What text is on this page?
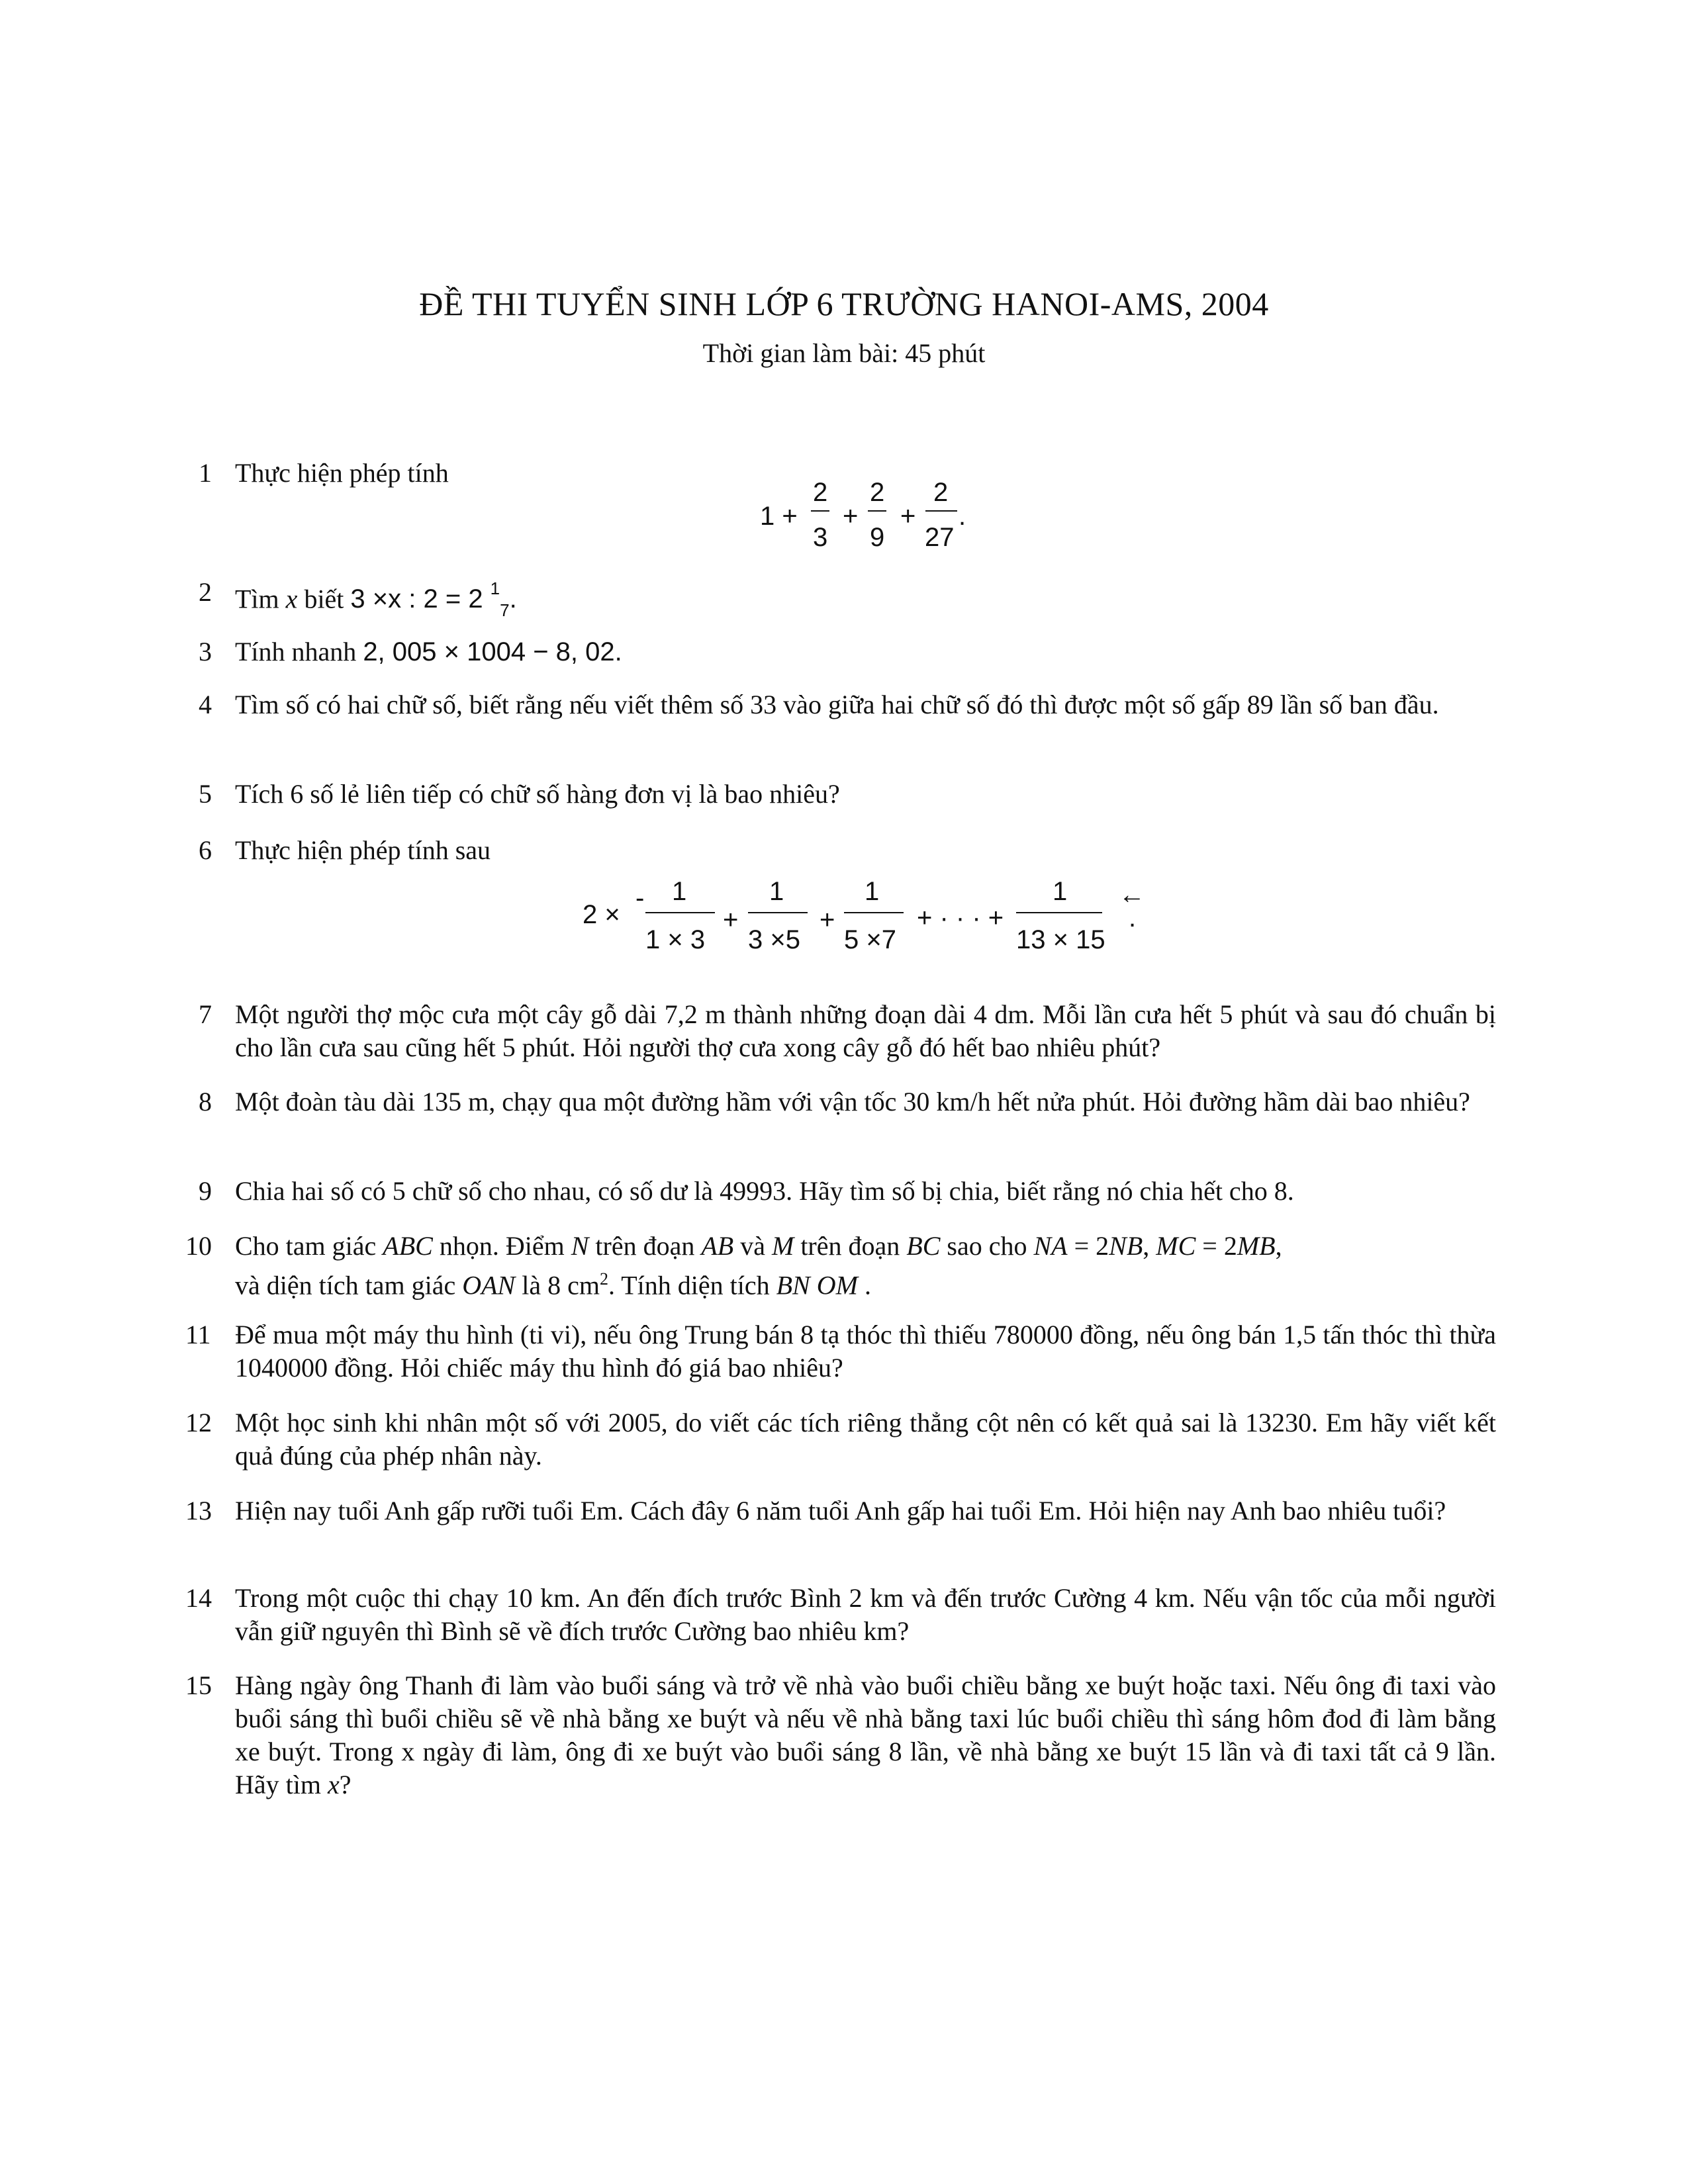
ĐỀ THI TUYỂN SINH LỚP 6 TRƯỜNG HANOI-AMS, 2004
Thời gian làm bài: 45 phút
1 Thực hiện phép tính
1 +
2
3
+
2
9
+
2
27
.
2 Tìm x biết 3 ×x : 2 = 2 $^1_7$.
3 Tính nhanh 2, 005 × 1004 − 8, 02.
4 Tìm số có hai chữ số, biết rằng nếu viết thêm số 33 vào giữa hai chữ số đó thì được một số gấp 89 lần số ban đầu.
5 Tích 6 số lẻ liên tiếp có chữ số hàng đơn vị là bao nhiêu?
6 Thực hiện phép tính sau
2 ×
- 1
1 × 3
+
1
3 ×5
+
1
5 ×7
+ · · · +
1
13 × 15
←
.
7 Một người thợ mộc cưa một cây gỗ dài 7,2 m thành những đoạn dài 4 dm. Mỗi lần cưa hết 5 phút và sau đó chuẩn bị cho lần cưa sau cũng hết 5 phút. Hỏi người thợ cưa xong cây gỗ đó hết bao nhiêu phút?
8 Một đoàn tàu dài 135 m, chạy qua một đường hầm với vận tốc 30 km/h hết nửa phút. Hỏi đường hầm dài bao nhiêu?
9 Chia hai số có 5 chữ số cho nhau, có số dư là 49993. Hãy tìm số bị chia, biết rằng nó chia hết cho 8.
10 Cho tam giác ABC nhọn. Điểm N trên đoạn AB và M trên đoạn BC sao cho NA = 2NB, MC = 2MB,
và diện tích tam giác OAN là 8 $cm^2$. Tính diện tích BN OM .
11 Để mua một máy thu hình (ti vi), nếu ông Trung bán 8 tạ thóc thì thiếu 780000 đồng, nếu ông bán 1,5 tấn thóc thì thừa 1040000 đồng. Hỏi chiếc máy thu hình đó giá bao nhiêu?
12 Một học sinh khi nhân một số với 2005, do viết các tích riêng thẳng cột nên có kết quả sai là 13230. Em hãy viết kết quả đúng của phép nhân này.
13 Hiện nay tuổi Anh gấp rưỡi tuổi Em. Cách đây 6 năm tuổi Anh gấp hai tuổi Em. Hỏi hiện nay Anh bao nhiêu tuổi?
14 Trong một cuộc thi chạy 10 km. An đến đích trước Bình 2 km và đến trước Cường 4 km. Nếu vận tốc của mỗi người vẫn giữ nguyên thì Bình sẽ về đích trước Cường bao nhiêu km?
15 Hàng ngày ông Thanh đi làm vào buổi sáng và trở về nhà vào buổi chiều bằng xe buýt hoặc taxi. Nếu ông đi taxi vào buổi sáng thì buổi chiều sẽ về nhà bằng xe buýt và nếu về nhà bằng taxi lúc buổi chiều thì sáng hôm đod đi làm bằng xe buýt. Trong x ngày đi làm, ông đi xe buýt vào buổi sáng 8 lần, về nhà bằng xe buýt 15 lần và đi taxi tất cả 9 lần. Hãy tìm x?
